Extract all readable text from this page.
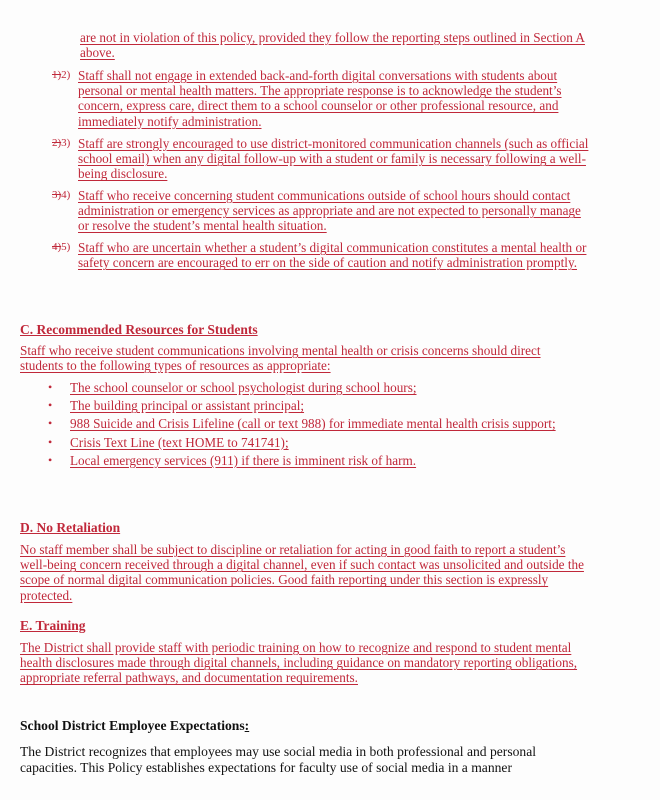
are not in violation of this policy, provided they follow the reporting steps outlined in Section A above.
1)2) Staff shall not engage in extended back-and-forth digital conversations with students about personal or mental health matters. The appropriate response is to acknowledge the student’s concern, express care, direct them to a school counselor or other professional resource, and immediately notify administration.
2)3) Staff are strongly encouraged to use district-monitored communication channels (such as official school email) when any digital follow-up with a student or family is necessary following a well-being disclosure.
3)4) Staff who receive concerning student communications outside of school hours should contact administration or emergency services as appropriate and are not expected to personally manage or resolve the student’s mental health situation.
4)5) Staff who are uncertain whether a student’s digital communication constitutes a mental health or safety concern are encouraged to err on the side of caution and notify administration promptly.
C. Recommended Resources for Students
Staff who receive student communications involving mental health or crisis concerns should direct students to the following types of resources as appropriate:
• The school counselor or school psychologist during school hours;
• The building principal or assistant principal;
• 988 Suicide and Crisis Lifeline (call or text 988) for immediate mental health crisis support;
• Crisis Text Line (text HOME to 741741);
• Local emergency services (911) if there is imminent risk of harm.
D. No Retaliation
No staff member shall be subject to discipline or retaliation for acting in good faith to report a student’s well-being concern received through a digital channel, even if such contact was unsolicited and outside the scope of normal digital communication policies. Good faith reporting under this section is expressly protected.
E. Training
The District shall provide staff with periodic training on how to recognize and respond to student mental health disclosures made through digital channels, including guidance on mandatory reporting obligations, appropriate referral pathways, and documentation requirements.
School District Employee Expectations:
The District recognizes that employees may use social media in both professional and personal capacities. This Policy establishes expectations for faculty use of social media in a manner
